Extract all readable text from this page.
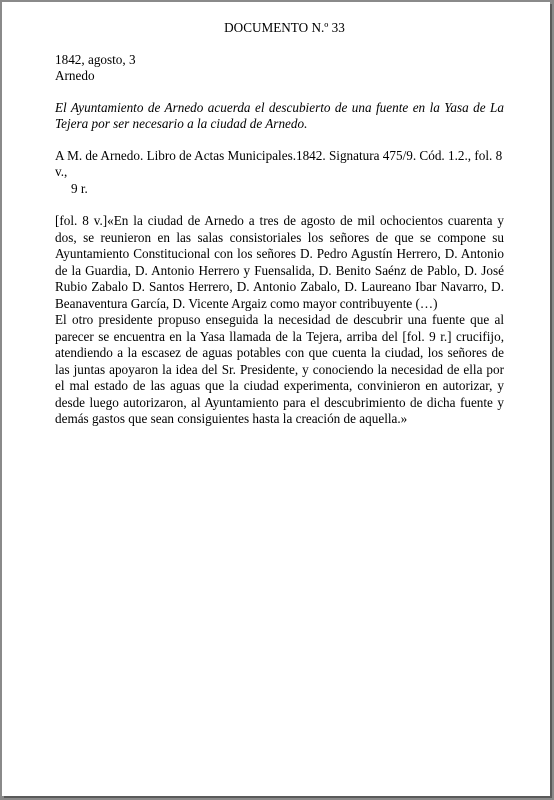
DOCUMENTO N.º 33
1842, agosto, 3
Arnedo
El Ayuntamiento de Arnedo acuerda el descubierto de una fuente en la Yasa de La Tejera por ser necesario a la ciudad de Arnedo.
A M. de Arnedo. Libro de Actas Municipales.1842. Signatura 475/9. Cód. 1.2., fol. 8 v.,
9 r.
[fol. 8 v.]«En la ciudad de Arnedo a tres de agosto de mil ochocientos cuarenta y dos, se reunieron en las salas consistoriales los señores de que se compone su Ayuntamiento Constitucional con los señores D. Pedro Agustín Herrero, D. Antonio de la Guardia, D. Antonio Herrero y Fuensalida, D. Benito Saénz de Pablo, D. José Rubio Zabalo D. Santos Herrero, D. Antonio Zabalo, D. Laureano Ibar Navarro, D. Beanaventura García, D. Vicente Argaiz como mayor contribuyente (…)
El otro presidente propuso enseguida la necesidad de descubrir una fuente que al parecer se encuentra en la Yasa llamada de la Tejera, arriba del [fol. 9 r.] crucifijo, atendiendo a la escasez de aguas potables con que cuenta la ciudad, los señores de las juntas apoyaron la idea del Sr. Presidente, y conociendo la necesidad de ella por el mal estado de las aguas que la ciudad experimenta, convinieron en autorizar, y desde luego autorizaron, al Ayuntamiento para el descubrimiento de dicha fuente y demás gastos que sean consiguientes hasta la creación de aquella.»
